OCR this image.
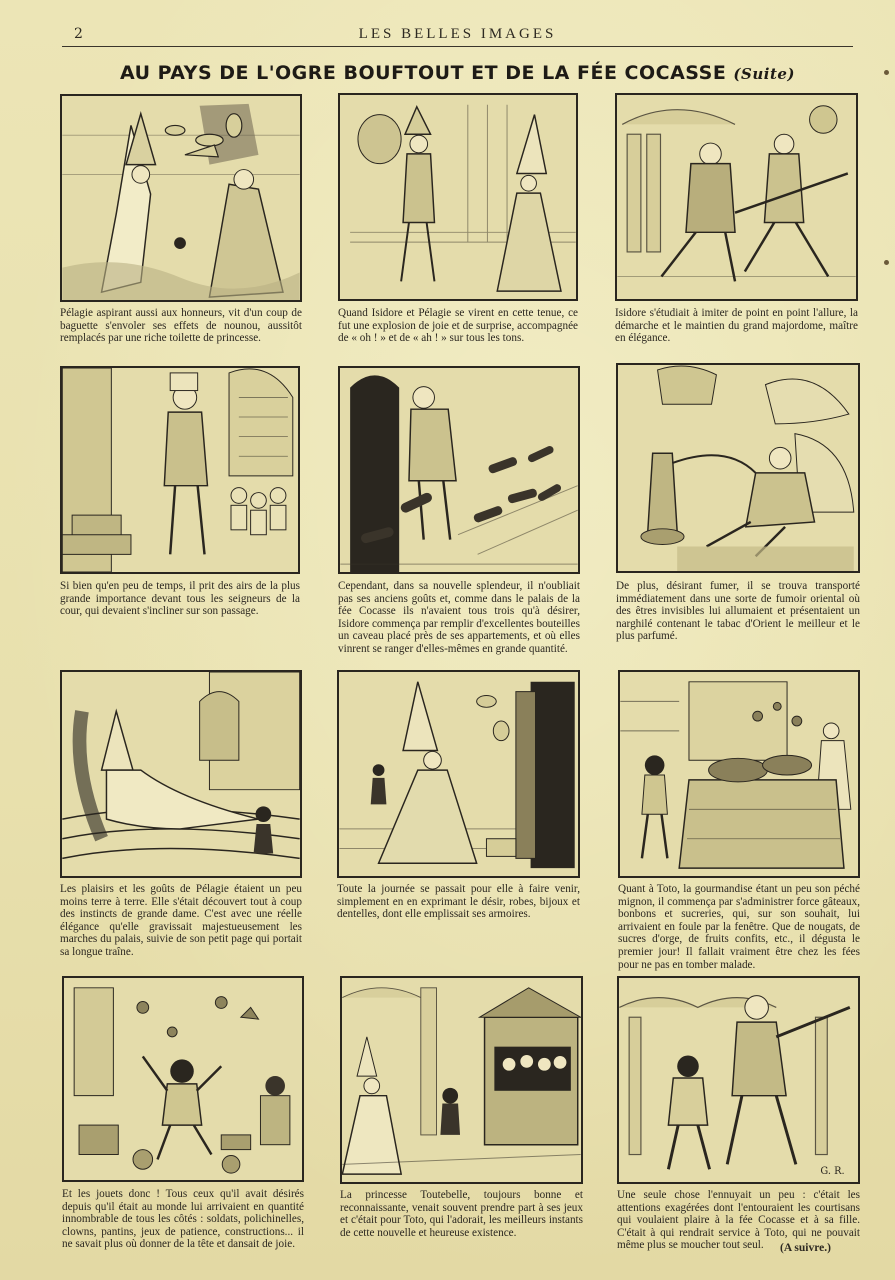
2	LES BELLES IMAGES
AU PAYS DE L'OGRE BOUFTOUT ET DE LA FÉE COCASSE (Suite)
Pélagie aspirant aussi aux honneurs, vit d'un coup de baguette s'envoler ses effets de nounou, aussitôt remplacés par une riche toilette de princesse.
Quand Isidore et Pélagie se virent en cette tenue, ce fut une explosion de joie et de surprise, accompagnée de « oh ! » et de « ah ! » sur tous les tons.
Isidore s'étudiait à imiter de point en point l'allure, la démarche et le maintien du grand majordome, maître en élégance.
Si bien qu'en peu de temps, il prit des airs de la plus grande importance devant tous les seigneurs de la cour, qui devaient s'incliner sur son passage.
Cependant, dans sa nouvelle splendeur, il n'oubliait pas ses anciens goûts et, comme dans le palais de la fée Cocasse ils n'avaient tous trois qu'à désirer, Isidore commença par remplir d'excellentes bouteilles un caveau placé près de ses appartements, et où elles vinrent se ranger d'elles-mêmes en grande quantité.
De plus, désirant fumer, il se trouva transporté immédiatement dans une sorte de fumoir oriental où des êtres invisibles lui allumaient et présentaient un narghilé contenant le tabac d'Orient le meilleur et le plus parfumé.
Les plaisirs et les goûts de Pélagie étaient un peu moins terre à terre. Elle s'était découvert tout à coup des instincts de grande dame. C'est avec une réelle élégance qu'elle gravissait majestueusement les marches du palais, suivie de son petit page qui portait sa longue traîne.
Toute la journée se passait pour elle à faire venir, simplement en en exprimant le désir, robes, bijoux et dentelles, dont elle emplissait ses armoires.
Quant à Toto, la gourmandise étant un peu son péché mignon, il commença par s'administrer force gâteaux, bonbons et sucreries, qui, sur son souhait, lui arrivaient en foule par la fenêtre. Que de nougats, de sucres d'orge, de fruits confits, etc., il dégusta le premier jour! Il fallait vraiment être chez les fées pour ne pas en tomber malade.
Et les jouets donc ! Tous ceux qu'il avait désirés depuis qu'il était au monde lui arrivaient en quantité innombrable de tous les côtés : soldats, polichinelles, clowns, pantins, jeux de patience, constructions... il ne savait plus où donner de la tête et dansait de joie.
La princesse Toutebelle, toujours bonne et reconnaissante, venait souvent prendre part à ses jeux et c'était pour Toto, qui l'adorait, les meilleurs instants de cette nouvelle et heureuse existence.
G. R.
Une seule chose l'ennuyait un peu : c'était les attentions exagérées dont l'entouraient les courtisans qui voulaient plaire à la fée Cocasse et à sa fille. C'était à qui rendrait service à Toto, qui ne pouvait même plus se moucher tout seul.	(A suivre.)
